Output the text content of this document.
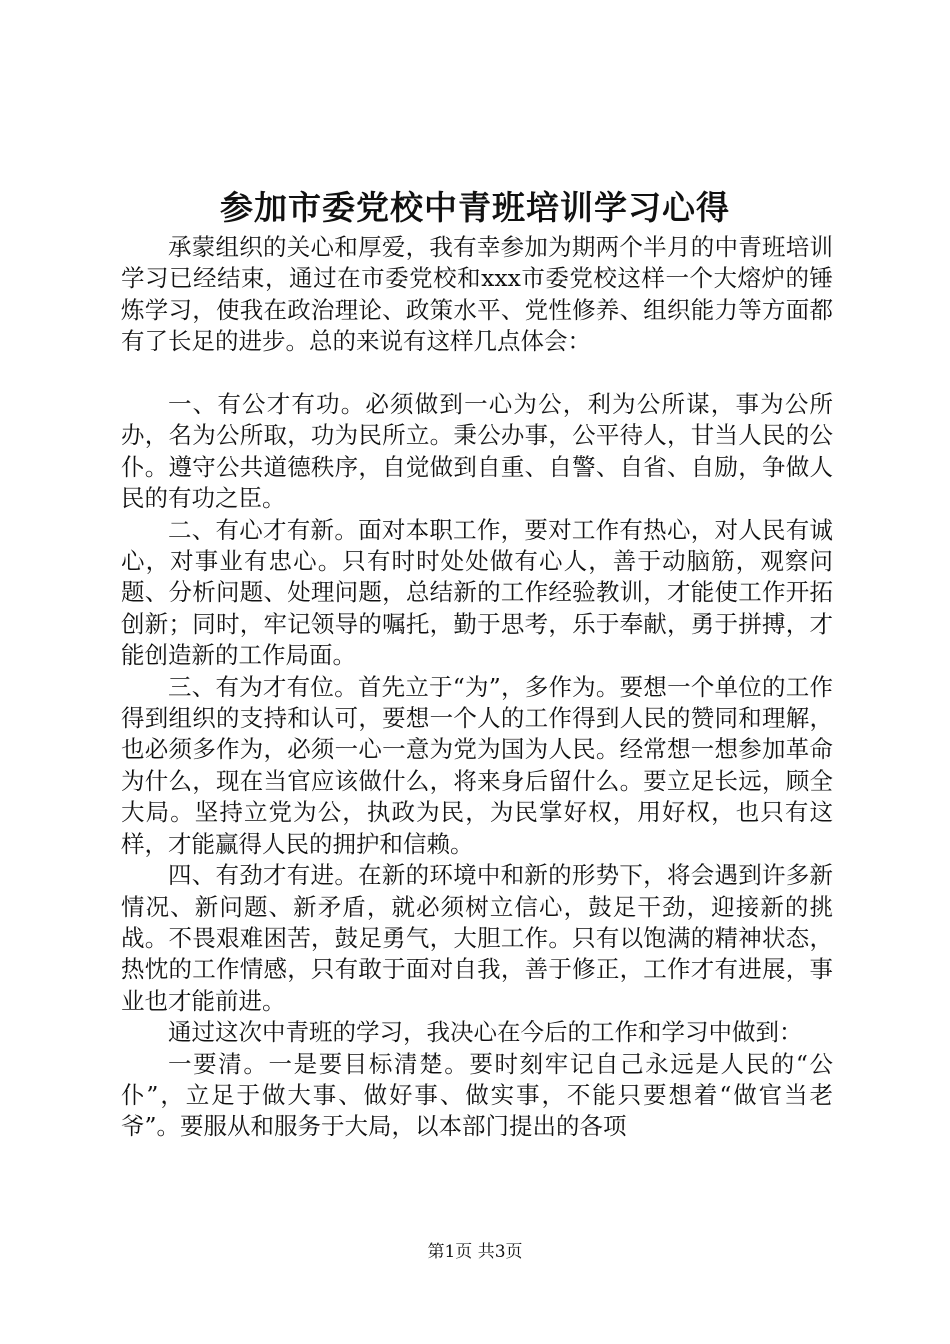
参加市委党校中青班培训学习心得

承蒙组织的关心和厚爱，我有幸参加为期两个半月的中青班培训学习已经结束，通过在市委党校和xxx市委党校这样一个大熔炉的锤炼学习，使我在政治理论、政策水平、党性修养、组织能力等方面都有了长足的进步。总的来说有这样几点体会：

一、有公才有功。必须做到一心为公，利为公所谋，事为公所办，名为公所取，功为民所立。秉公办事，公平待人，甘当人民的公仆。遵守公共道德秩序，自觉做到自重、自警、自省、自励，争做人民的有功之臣。

二、有心才有新。面对本职工作，要对工作有热心，对人民有诚心，对事业有忠心。只有时时处处做有心人，善于动脑筋，观察问题、分析问题、处理问题，总结新的工作经验教训，才能使工作开拓创新；同时，牢记领导的嘱托，勤于思考，乐于奉献，勇于拼搏，才能创造新的工作局面。

三、有为才有位。首先立于“为”，多作为。要想一个单位的工作得到组织的支持和认可，要想一个人的工作得到人民的赞同和理解，也必须多作为，必须一心一意为党为国为人民。经常想一想参加革命为什么，现在当官应该做什么，将来身后留什么。要立足长远，顾全大局。坚持立党为公，执政为民，为民掌好权，用好权，也只有这样，才能赢得人民的拥护和信赖。

四、有劲才有进。在新的环境中和新的形势下，将会遇到许多新情况、新问题、新矛盾，就必须树立信心，鼓足干劲，迎接新的挑战。不畏艰难困苦，鼓足勇气，大胆工作。只有以饱满的精神状态，热忱的工作情感，只有敢于面对自我，善于修正，工作才有进展，事业也才能前进。

通过这次中青班的学习，我决心在今后的工作和学习中做到：

一要清。一是要目标清楚。要时刻牢记自己永远是人民的“公仆”，立足于做大事、做好事、做实事，不能只要想着“做官当老爷”。要服从和服务于大局，以本部门提出的各项

第1页 共3页
